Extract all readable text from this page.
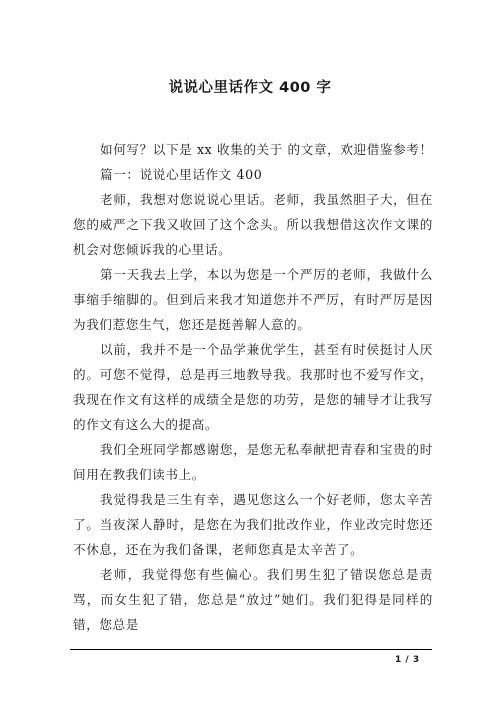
说说心里话作文 400 字

如何写？以下是 xx 收集的关于 的文章，欢迎借鉴参考！

篇一：说说心里话作文 400

老师，我想对您说说心里话。老师，我虽然胆子大，但在您的威严之下我又收回了这个念头。所以我想借这次作文课的机会对您倾诉我的心里话。

第一天我去上学，本以为您是一个严厉的老师，我做什么事缩手缩脚的。但到后来我才知道您并不严厉，有时严厉是因为我们惹您生气，您还是挺善解人意的。

以前，我并不是一个品学兼优学生，甚至有时侯挺讨人厌的。可您不觉得，总是再三地教导我。我那时也不爱写作文，我现在作文有这样的成绩全是您的功劳，是您的辅导才让我写的作文有这么大的提高。

我们全班同学都感谢您，是您无私奉献把青春和宝贵的时间用在教我们读书上。

我觉得我是三生有幸，遇见您这么一个好老师，您太辛苦了。当夜深人静时，是您在为我们批改作业，作业改完时您还不休息，还在为我们备课，老师您真是太辛苦了。

老师，我觉得您有些偏心。我们男生犯了错误您总是责骂，而女生犯了错，您总是“放过”她们。我们犯得是同样的错，您总是

1 / 3
